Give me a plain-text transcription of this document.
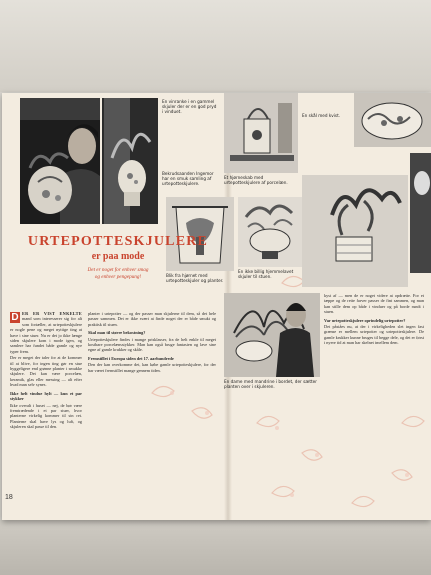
En vinranke i en gammel skjuler der er en god pryd i vinduet.
Bekrudsaanden Ingemor har en smuk samling af urtepotteskjulere.
Et hjørneskab med urtepotteskjulere af porcelæn.
En skål med kvist.
Blik fra hjørnet med urtepotteskjuler og planter.
En ikke billig hjemmelavet skjuler til stuen.
En dame med mandrine i bordet, der sætter planten over i skjuleren.
URTEPOTTESKJULERE
er paa mode

Det er noget for enhver smag
og enhver pengepung!

D ER ER VIST ENKELTE mand som interesserer sig for alt som fortæller, at urtepotteskjulere er nogle pene og meget nyttige ting at have i sine stuer. Nu er det jo ikke længe siden skjulere kom i mode igen, og samlere har fundet både gamle og nye typer frem.

Der er meget der taler for at de kommer til at blive, for ingen ting gør en stue hyggeligere end grønne planter i smukke skjulere. Det kan være porcelæn, keramik, glas eller messing — alt efter hvad man selv synes.

Ikke helt vindue hylt — kun et par stykker

Ikke overalt i huset — nej, de bør være fremtrædende i et par stuer, hvor planterne virkelig kommer til sin ret. Planterne skal have lys og luft, og skjuleren skal passe til den.

planter i urtepotter — og der passer man skjulerne til dem, så det hele passer sammen. Det er ikke svært at finde noget der er både smukt og praktisk til stuen.

Skal man til større bekostning?

Urtepotteskjulere findes i mange prisklasser, fra de helt enkle til meget kostbare porcelænsstykker. Man kan også bruge fantasien og lave sine egne af gamle krukker og skåle.

Fremstillet i Europa siden det 17. aarhundrede

Den der kan overkomme det, kan købe gamle urtepotteskjulere, for der har været fremstillet mange gennem tiden.

kyst af — men de er noget videre at opdrætte. For et tæppe og de rette farver passer de fint sammen, og man kan stille dem op både i vinduer og på borde rundt i stuen.

Var urtepotteskjulere oprindelig urtepotter?

Det påståes nu, at der i virkeligheden slet ingen fast grænse er mellem urtepotter og urtepotteskjulere. De gamle krukker kunne bruges til begge dele, og det er først i nyere tid at man har skelnet imellem dem.

18
